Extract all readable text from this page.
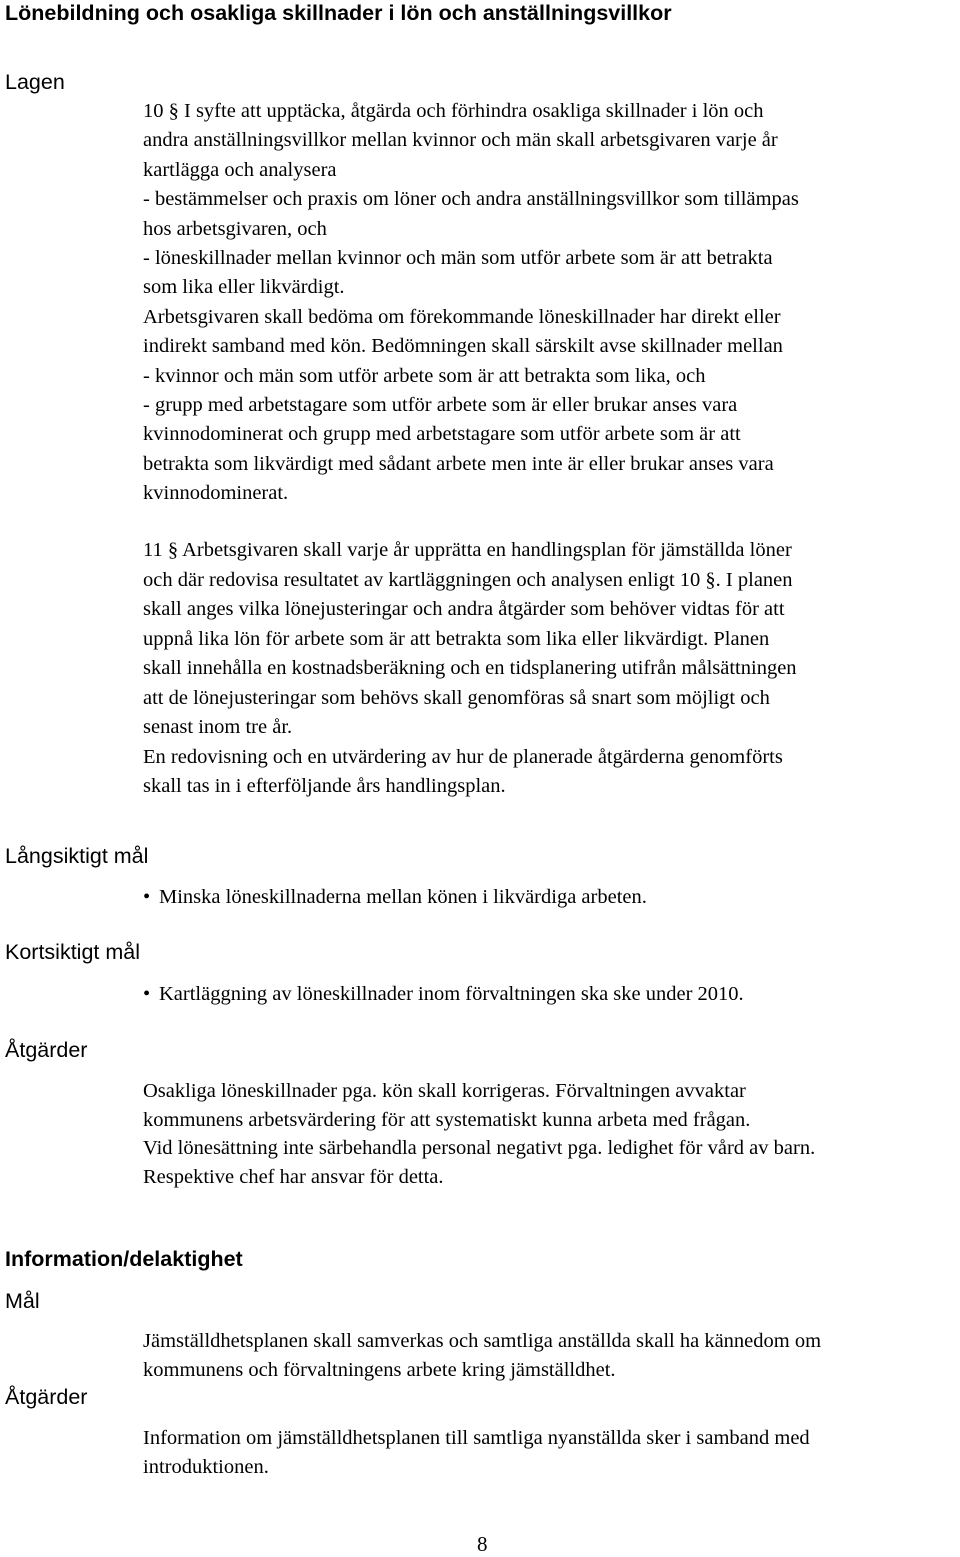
Lönebildning och osakliga skillnader i lön och anställningsvillkor
Lagen
10 § I syfte att upptäcka, åtgärda och förhindra osakliga skillnader i lön och
andra anställningsvillkor mellan kvinnor och män skall arbetsgivaren varje år
kartlägga och analysera
- bestämmelser och praxis om löner och andra anställningsvillkor som tillämpas
hos arbetsgivaren, och
- löneskillnader mellan kvinnor och män som utför arbete som är att betrakta
som lika eller likvärdigt.
Arbetsgivaren skall bedöma om förekommande löneskillnader har direkt eller
indirekt samband med kön. Bedömningen skall särskilt avse skillnader mellan
- kvinnor och män som utför arbete som är att betrakta som lika, och
- grupp med arbetstagare som utför arbete som är eller brukar anses vara
kvinnodominerat och grupp med arbetstagare som utför arbete som är att
betrakta som likvärdigt med sådant arbete men inte är eller brukar anses vara
kvinnodominerat.
11 § Arbetsgivaren skall varje år upprätta en handlingsplan för jämställda löner
och där redovisa resultatet av kartläggningen och analysen enligt 10 §. I planen
skall anges vilka lönejusteringar och andra åtgärder som behöver vidtas för att
uppnå lika lön för arbete som är att betrakta som lika eller likvärdigt. Planen
skall innehålla en kostnadsberäkning och en tidsplanering utifrån målsättningen
att de lönejusteringar som behövs skall genomföras så snart som möjligt och
senast inom tre år.
En redovisning och en utvärdering av hur de planerade åtgärderna genomförts
skall tas in i efterföljande års handlingsplan.
Långsiktigt mål
• Minska löneskillnaderna mellan könen i likvärdiga arbeten.
Kortsiktigt mål
• Kartläggning av löneskillnader inom förvaltningen ska ske under 2010.
Åtgärder
Osakliga löneskillnader pga. kön skall korrigeras. Förvaltningen avvaktar
kommunens arbetsvärdering för att systematiskt kunna arbeta med frågan.
Vid lönesättning inte särbehandla personal negativt pga. ledighet för vård av barn.
Respektive chef har ansvar för detta.
Information/delaktighet
Mål
Jämställdhetsplanen skall samverkas och samtliga anställda skall ha kännedom om
kommunens och förvaltningens arbete kring jämställdhet.
Åtgärder
Information om jämställdhetsplanen till samtliga nyanställda sker i samband med
introduktionen.
8
